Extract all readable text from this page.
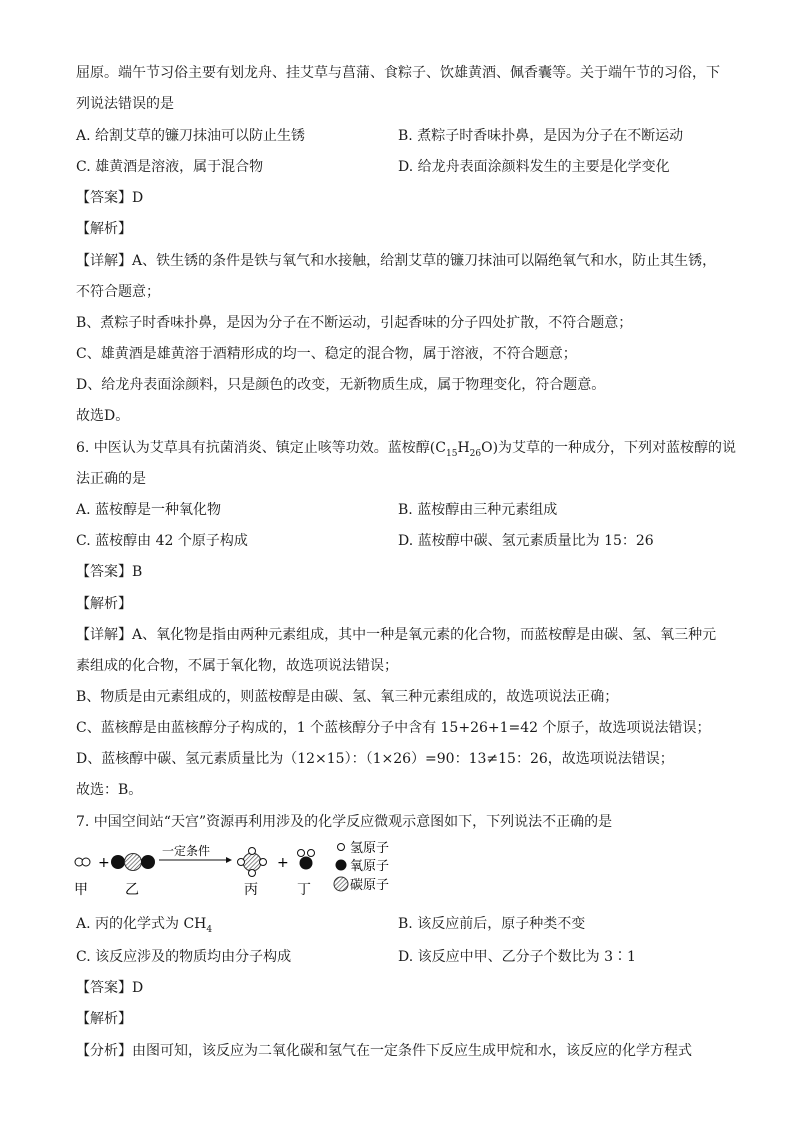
屈原。端午节习俗主要有划龙舟、挂艾草与菖蒲、食粽子、饮雄黄酒、佩香囊等。关于端午节的习俗，下
列说法错误的是
A. 给割艾草的镰刀抹油可以防止生锈	B. 煮粽子时香味扑鼻，是因为分子在不断运动
C. 雄黄酒是溶液，属于混合物	D. 给龙舟表面涂颜料发生的主要是化学变化
【答案】D
【解析】
【详解】A、铁生锈的条件是铁与氧气和水接触，给割艾草的镰刀抹油可以隔绝氧气和水，防止其生锈，
不符合题意；
B、煮粽子时香味扑鼻，是因为分子在不断运动，引起香味的分子四处扩散，不符合题意；
C、雄黄酒是雄黄溶于酒精形成的均一、稳定的混合物，属于溶液，不符合题意；
D、给龙舟表面涂颜料，只是颜色的改变，无新物质生成，属于物理变化，符合题意。
故选D。
6. 中医认为艾草具有抗菌消炎、镇定止咳等功效。蓝桉醇$(C_{15}H_{26}O)$为艾草的一种成分，下列对蓝桉醇的说
法正确的是
A. 蓝桉醇是一种氧化物	B. 蓝桉醇由三种元素组成
C. 蓝桉醇由 42 个原子构成	D. 蓝桉醇中碳、氢元素质量比为 15：26
【答案】B
【解析】
【详解】A、氧化物是指由两种元素组成，其中一种是氧元素的化合物，而蓝桉醇是由碳、氢、氧三种元
素组成的化合物，不属于氧化物，故选项说法错误；
B、物质是由元素组成的，则蓝桉醇是由碳、氢、氧三种元素组成的，故选项说法正确；
C、蓝核醇是由蓝核醇分子构成的，1 个蓝核醇分子中含有 15+26+1=42 个原子，故选项说法错误；
D、蓝核醇中碳、氢元素质量比为（12×15）：（1×26）=90：13≠15：26，故选项说法错误；
故选：B。
7. 中国空间站“天宫”资源再利用涉及的化学反应微观示意图如下，下列说法不正确的是
+
一定条件
+
甲	乙	丙	丁
氢原子
氧原子
碳原子
A. 丙的化学式为 $CH_4$	B. 该反应前后，原子种类不变
C. 该反应涉及的物质均由分子构成	D. 该反应中甲、乙分子个数比为 3∶1
【答案】D
【解析】
【分析】由图可知，该反应为二氧化碳和氢气在一定条件下反应生成甲烷和水，该反应的化学方程式
